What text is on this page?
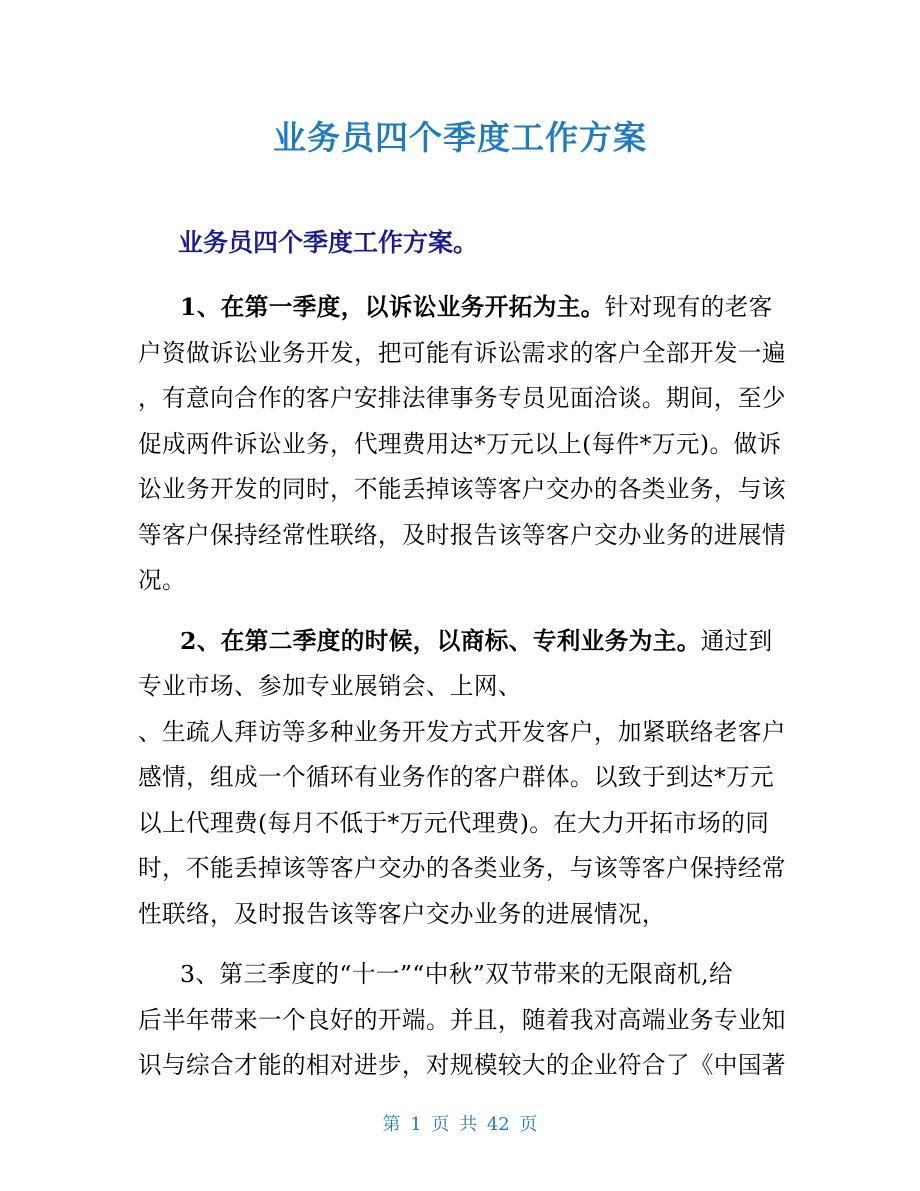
业务员四个季度工作方案
业务员四个季度工作方案。

1、在第一季度，以诉讼业务开拓为主。针对现有的老客
户资做诉讼业务开发，把可能有诉讼需求的客户全部开发一遍
，有意向合作的客户安排法律事务专员见面洽谈。期间，至少
促成两件诉讼业务，代理费用达*万元以上(每件*万元)。做诉
讼业务开发的同时，不能丢掉该等客户交办的各类业务，与该
等客户保持经常性联络，及时报告该等客户交办业务的进展情
况。

2、在第二季度的时候，以商标、专利业务为主。通过到
专业市场、参加专业展销会、上网、
、生疏人拜访等多种业务开发方式开发客户，加紧联络老客户
感情，组成一个循环有业务作的客户群体。以致于到达*万元
以上代理费(每月不低于*万元代理费)。在大力开拓市场的同
时，不能丢掉该等客户交办的各类业务，与该等客户保持经常
性联络，及时报告该等客户交办业务的进展情况，

3、第三季度的“十一”“中秋”双节带来的无限商机,给
后半年带来一个良好的开端。并且，随着我对高端业务专业知
识与综合才能的相对进步，对规模较大的企业符合了《中国著

第 1 页 共 42 页
